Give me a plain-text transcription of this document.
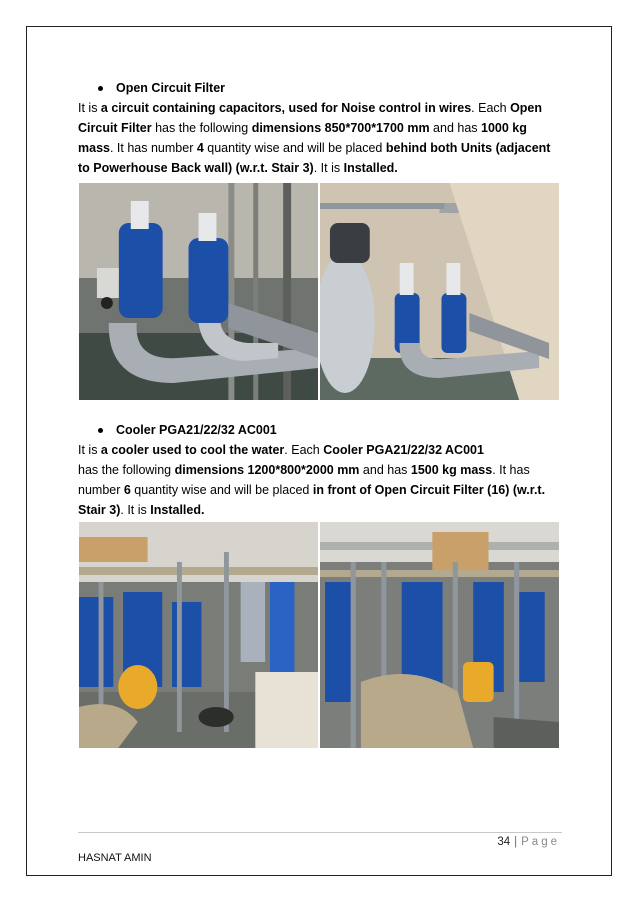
Open Circuit Filter

It is a circuit containing capacitors, used for Noise control in wires. Each Open Circuit Filter has the following dimensions 850*700*1700 mm and has 1000 kg mass. It has number 4 quantity wise and will be placed behind both Units (adjacent to Powerhouse Back wall) (w.r.t. Stair 3). It is Installed.

Cooler PGA21/22/32 AC001

It is a cooler used to cool the water. Each Cooler PGA21/22/32 AC001
has the following dimensions 1200*800*2000 mm and has 1500 kg mass. It has number 6 quantity wise and will be placed in front of Open Circuit Filter (16) (w.r.t. Stair 3). It is Installed.

34 | Page
HASNAT AMIN
